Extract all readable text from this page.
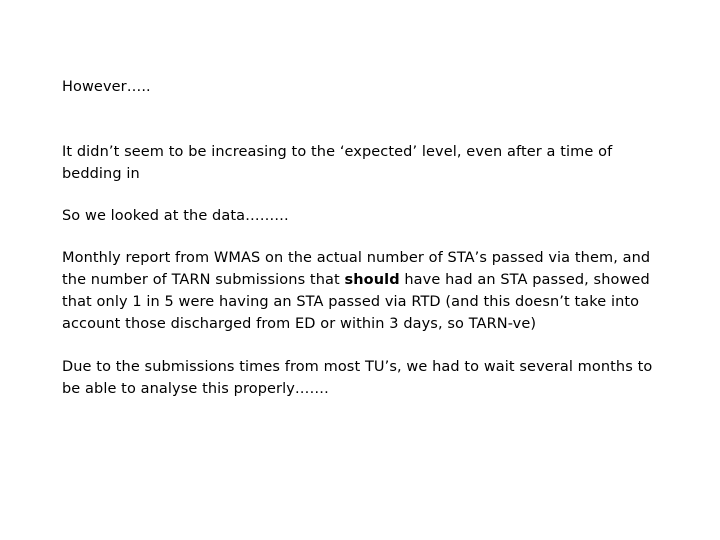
However…..

It didn’t seem to be increasing to the ‘expected’ level, even after a time of bedding in

So we looked at the data………

Monthly report from WMAS on the actual number of STA’s passed via them, and the number of TARN submissions that should have had an STA passed, showed that only 1 in 5 were having an STA passed via RTD (and this doesn’t take into account those discharged from ED or within 3 days, so TARN-ve)

Due to the submissions times from most TU’s, we had to wait several months to be able to analyse this properly…….
